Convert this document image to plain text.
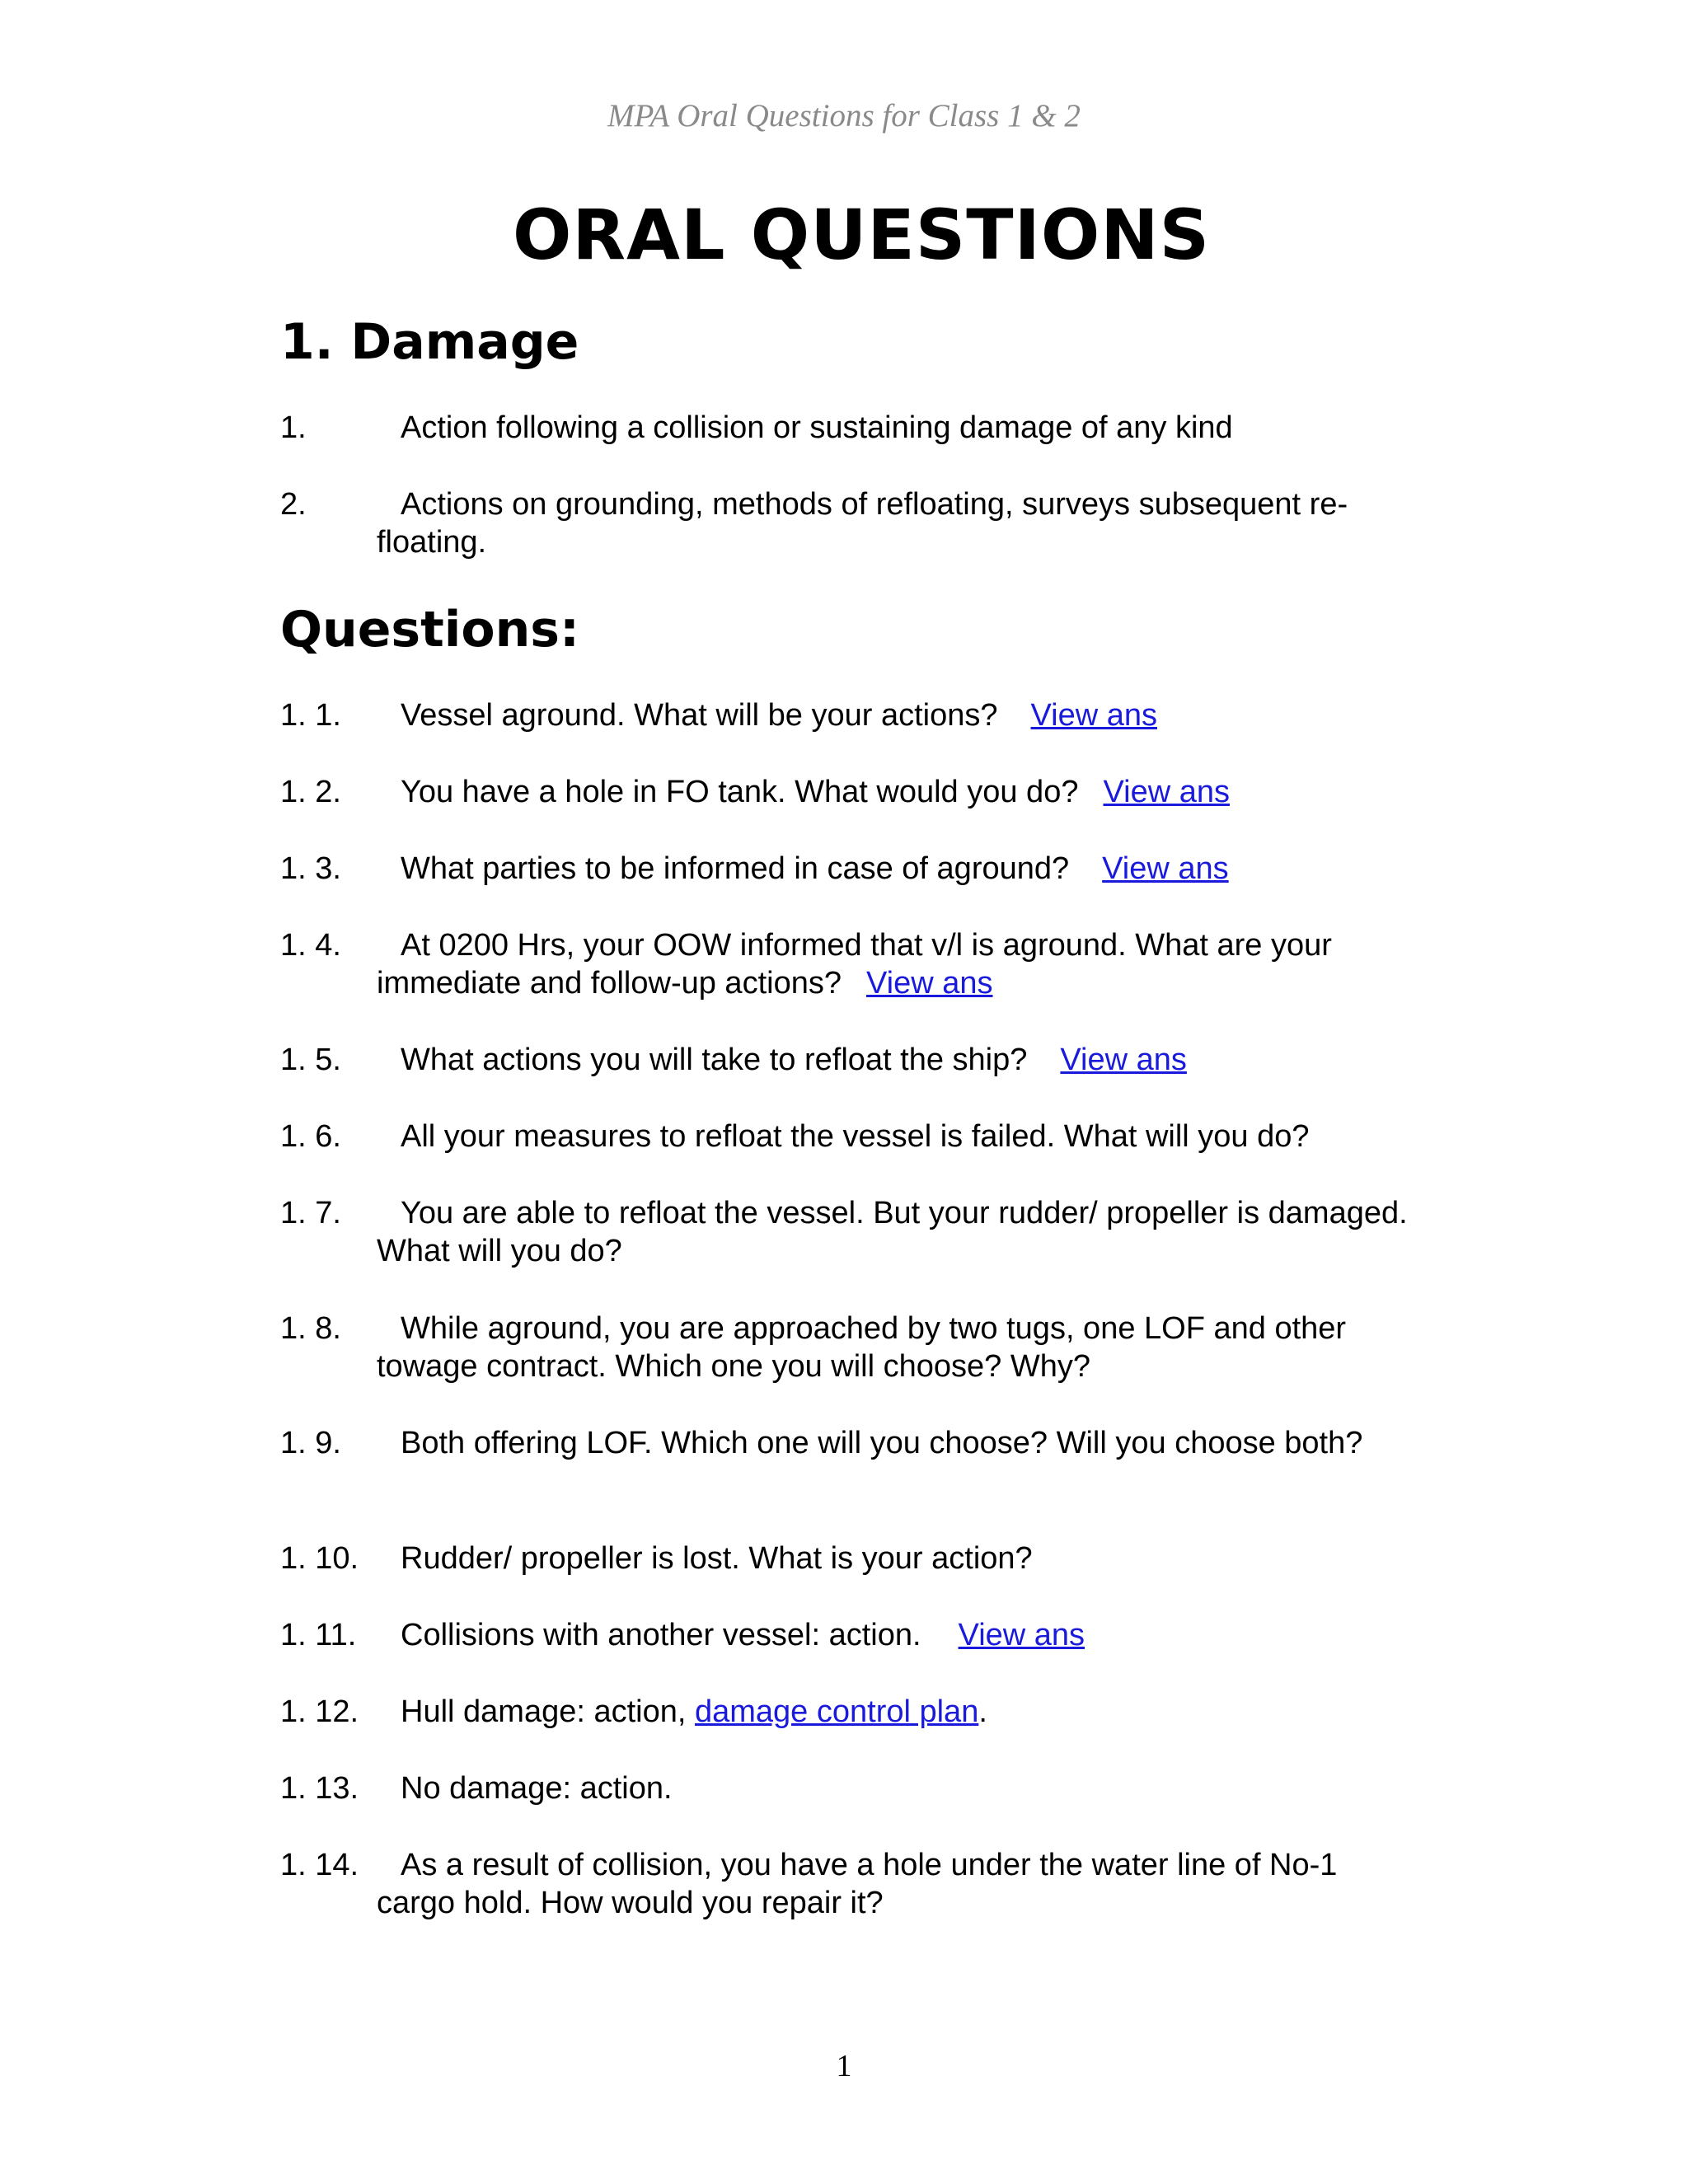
MPA Oral Questions for Class 1 & 2
ORAL QUESTIONS
1. Damage
1.	Action following a collision or sustaining damage of any kind
2.	Actions on grounding, methods of refloating, surveys subsequent re-floating.
Questions:
1. 1.	Vessel aground. What will be your actions? View ans
1. 2.	You have a hole in FO tank. What would you do? View ans
1. 3.	What parties to be informed in case of aground? View ans
1. 4.	At 0200 Hrs, your OOW informed that v/l is aground. What are your immediate and follow-up actions? View ans
1. 5.	What actions you will take to refloat the ship? View ans
1. 6.	All your measures to refloat the vessel is failed. What will you do?
1. 7.	You are able to refloat the vessel. But your rudder/ propeller is damaged. What will you do?
1. 8.	While aground, you are approached by two tugs, one LOF and other towage contract. Which one you will choose? Why?
1. 9.	Both offering LOF. Which one will you choose? Will you choose both?
1. 10.	Rudder/ propeller is lost. What is your action?
1. 11.	Collisions with another vessel: action. View ans
1. 12.	Hull damage: action, damage control plan.
1. 13.	No damage: action.
1. 14.	As a result of collision, you have a hole under the water line of No-1 cargo hold. How would you repair it?
1
